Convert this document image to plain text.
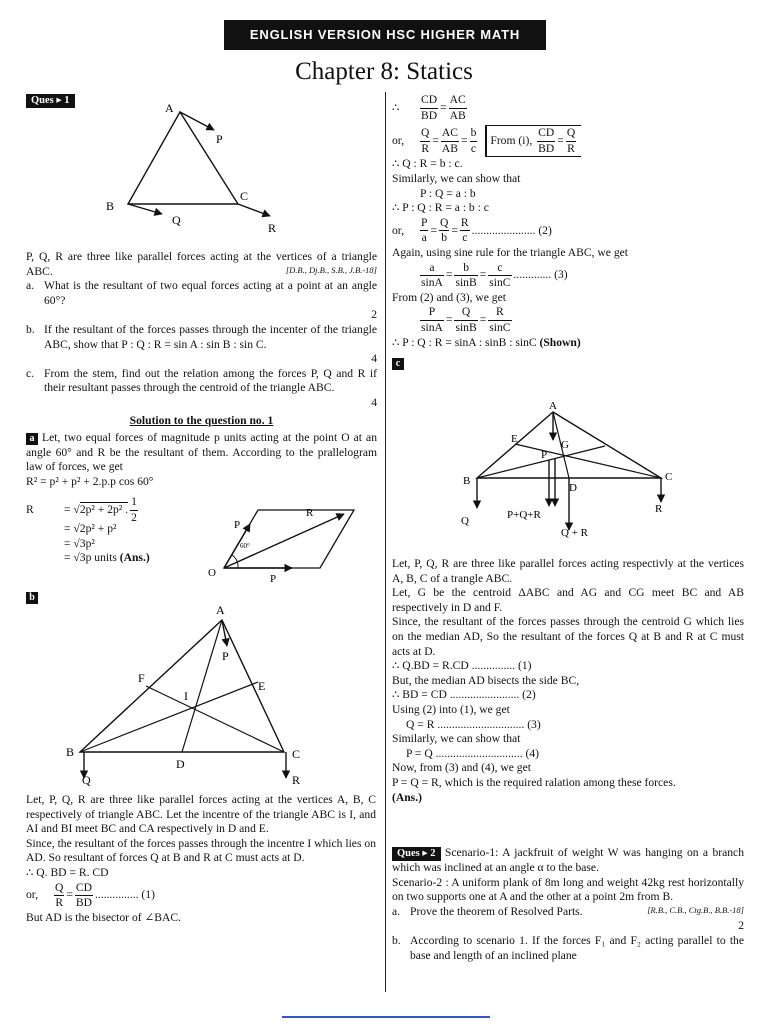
ENGLISH VERSION HSC HIGHER MATH
Chapter 8: Statics
Ques ▸ 1
A
B
C
P
Q
R

P, Q, R are three like parallel forces acting at the vertices of a triangle ABC.	[D.B., Dj.B., S.B., J.B.-18]

a. What is the resultant of two equal forces acting at a point at an angle 60°?
2
b. If the resultant of the forces passes through the incenter of the triangle ABC, show that P : Q : R = sin A : sin B : sin C.
4
c. From the stem, find out the relation among the forces P, Q and R if their resultant passes through the centroid of the triangle ABC.
4
Solution to the question no. 1

a Let, two equal forces of magnitude p units acting at the point O at an angle 60° and R be the resultant of them. According to the prallelogram law of forces, we get

R² = p² + p² + 2.p.p cos 60°

R	= √ 2p² + 2p² . $\frac{1}{2}$
= √2p² + p²
= √3p²
= √3p units (Ans.)
O
P
P
R
60°
b
A
B	C
D
E
F
I
P
Q	R

Let, P, Q, R are three like parallel forces acting at the vertices A, B, C respectively of triangle ABC. Let the incentre of the triangle ABC is I, and AI and BI meet BC and CA respectively in D and E.

Since, the resultant of the forces passes through the incentre I which lies on AD. So resultant of forces Q at B and R at C must acts at D.

∴ Q. BD = R. CD

or,	$\frac{Q}{R} = \frac{CD}{BD}$ ............... (1)

But AD is the bisector of ∠BAC.

∴	$\frac{CD}{BD} = \frac{AC}{AB}$
or,	$\frac{Q}{R} = \frac{AC}{AB} = \frac{b}{c}$	From (i), $\frac{CD}{BD} = \frac{Q}{R}$

∴ Q : R = b : c.

Similarly, we can show that

P : Q = a : b

∴ P : Q : R = a : b : c

or,	$\frac{P}{a} = \frac{Q}{b} = \frac{R}{c}$ ...................... (2)

Again, using sine rule for the triangle ABC, we get

$\frac{a}{\sin A} = \frac{b}{\sin B} = \frac{c}{\sin C}$ ............. (3)

From (2) and (3), we get

$\frac{P}{\sin A} = \frac{Q}{\sin B} = \frac{R}{\sin C}$

∴ P : Q : R = sinA : sinB : sinC (Shown)

c
A
B	C
D
E	G
P
Q
R
P+Q+R
Q + R

Let, P, Q, R are three like parallel forces acting respectivly at the vertices A, B, C of a trangle ABC.

Let, G be the centroid ΔABC and AG and CG meet BC and AB respectively in D and F.

Since, the resultant of the forces passes through the centroid G which lies on the median AD, So the resultant of the forces Q at B and R at C must acts at D.

∴ Q.BD = R.CD ............... (1)

But, the median AD bisects the side BC,

∴ BD = CD ........................ (2)

Using (2) into (1), we get

Q = R .............................. (3)

Similarly, we can show that

P = Q .............................. (4)

Now, from (3) and (4), we get

P = Q = R, which is the required ralation among these forces.

(Ans.)

Ques ▸ 2 Scenario-1: A jackfruit of weight W was hanging on a branch which was inclined at an angle α to the base.

Scenario-2 : A uniform plank of 8m long and weight 42kg rest horizontally on two supports one at A and the other at a point 2m from B.
[R.B., C.B., Ctg.B., B.B.-18]

a. Prove the theorem of Resolved Parts.
2
b. According to scenario 1. If the forces F₁ and F₂ acting parallel to the base and length of an inclined plane
